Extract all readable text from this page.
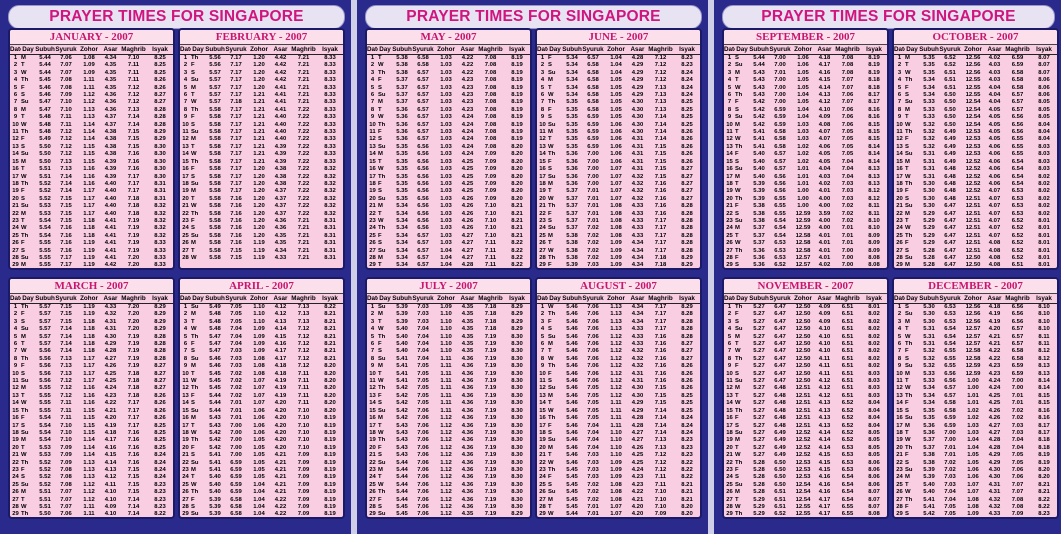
PRAYER TIMES FOR SINGAPORE	PRAYER TIMES FOR SINGAPORE	PRAYER TIMES FOR SINGAPORE
JANUARY - 2007
Dat	Day	Subuh	Syuruk	Zohor	Asar	Maghrib	Isyak
1	M	5.44	7.06	1.08	4.34	7.10	8.25
2	T	5.44	7.07	1.09	4.35	7.11	8.25
3	W	5.44	7.07	1.09	4.35	7.11	8.25
4	Th	5.45	7.08	1.11	4.35	7.11	8.26
5	F	5.46	7.08	1.11	4.35	7.12	8.26
6	S	5.46	7.09	1.12	4.36	7.12	8.27
7	Su	5.47	7.10	1.12	4.36	7.12	8.27
8	M	5.47	7.10	1.13	4.36	7.13	8.28
9	T	5.48	7.11	1.13	4.37	7.14	8.28
10	W	5.48	7.11	1.14	4.37	7.14	8.28
11	Th	5.48	7.12	1.14	4.38	7.15	8.29
12	F	5.49	7.12	1.14	4.38	7.15	8.29
13	S	5.50	7.12	1.15	4.38	7.15	8.30
14	Su	5.50	7.12	1.15	4.38	7.16	8.30
15	M	5.50	7.13	1.15	4.39	7.16	8.30
16	T	5.51	7.13	1.16	4.39	7.16	8.30
17	W	5.51	7.14	1.16	4.39	7.17	8.30
18	Th	5.52	7.14	1.16	4.40	7.17	8.31
19	F	5.52	7.14	1.17	4.40	7.17	8.31
20	S	5.52	7.15	1.17	4.40	7.18	8.31
21	Su	5.53	7.15	1.17	4.40	7.18	8.32
22	M	5.53	7.15	1.17	4.40	7.18	8.32
23	T	5.54	7.15	1.18	4.41	7.19	8.32
24	W	5.54	7.16	1.18	4.41	7.19	8.32
25	Th	5.54	7.16	1.18	4.41	7.19	8.32
26	F	5.55	7.16	1.19	4.41	7.19	8.33
27	S	5.55	7.16	1.19	4.41	7.19	8.33
28	Su	5.55	7.17	1.19	4.41	7.20	8.33
29	M	5.55	7.17	1.19	4.42	7.20	8.33

FEBRUARY - 2007
Dat	Day	Subuh	Syuruk	Zohor	Asar	Maghrib	Isyak
1	Th	5.56	7.17	1.20	4.42	7.21	8.33
2	F	5.56	7.17	1.20	4.42	7.21	8.33
3	S	5.57	7.17	1.20	4.42	7.21	8.33
4	Su	5.57	7.17	1.20	4.42	7.21	8.33
5	M	5.57	7.17	1.20	4.41	7.21	8.33
6	T	5.57	7.17	1.21	4.41	7.21	8.33
7	W	5.57	7.18	1.21	4.41	7.21	8.33
8	Th	5.58	7.17	1.21	4.41	7.22	8.33
9	F	5.58	7.17	1.21	4.40	7.22	8.33
10	S	5.58	7.17	1.21	4.40	7.22	8.33
11	Su	5.58	7.17	1.21	4.40	7.22	8.33
12	M	5.58	7.17	1.21	4.40	7.22	8.33
13	T	5.58	7.17	1.21	4.39	7.22	8.33
14	W	5.58	7.17	1.21	4.39	7.22	8.33
15	Th	5.58	7.17	1.21	4.39	7.22	8.33
16	F	5.58	7.17	1.20	4.38	7.22	8.32
17	S	5.58	7.17	1.20	4.38	7.22	8.32
18	Su	5.58	7.17	1.20	4.38	7.22	8.32
19	M	5.58	7.17	1.20	4.37	7.22	8.32
20	T	5.58	7.16	1.20	4.37	7.22	8.32
21	W	5.58	7.16	1.20	4.37	7.22	8.32
22	Th	5.58	7.16	1.20	4.37	7.22	8.32
23	F	5.58	7.16	1.20	4.36	7.21	8.31
24	S	5.58	7.16	1.20	4.36	7.21	8.31
25	Su	5.58	7.16	1.20	4.35	7.21	8.31
26	M	5.58	7.16	1.19	4.35	7.21	8.31
27	T	5.58	7.15	1.19	4.34	7.21	8.31
28	W	5.58	7.15	1.19	4.33	7.21	8.31
MARCH - 2007
Dat	Day	Subuh	Syuruk	Zohor	Asar	Maghrib	Isyak
1	Th	5.57	7.15	1.19	4.33	7.20	8.29
2	F	5.57	7.15	1.19	4.32	7.20	8.29
3	S	5.57	7.15	1.18	4.31	7.20	8.29
4	Su	5.57	7.14	1.18	4.31	7.20	8.29
5	M	5.57	7.14	1.18	4.30	7.19	8.28
6	T	5.57	7.14	1.18	4.29	7.19	8.28
7	W	5.56	7.14	1.18	4.28	7.19	8.28
8	Th	5.56	7.13	1.17	4.27	7.19	8.28
9	F	5.56	7.13	1.17	4.26	7.19	8.27
10	S	5.56	7.13	1.17	4.25	7.18	8.27
11	Su	5.56	7.12	1.17	4.25	7.18	8.27
12	M	5.55	7.12	1.16	4.24	7.18	8.27
13	T	5.55	7.12	1.16	4.23	7.18	8.26
14	W	5.55	7.11	1.16	4.22	7.17	8.26
15	Th	5.55	7.11	1.15	4.21	7.17	8.26
16	F	5.54	7.11	1.15	4.20	7.17	8.26
17	S	5.54	7.10	1.15	4.19	7.17	8.25
18	Su	5.54	7.10	1.15	4.18	7.16	8.25
19	M	5.54	7.10	1.14	4.17	7.16	8.25
20	T	5.53	7.09	1.14	4.16	7.16	8.25
21	W	5.53	7.09	1.14	4.15	7.16	8.24
22	Th	5.52	7.09	1.13	4.14	7.16	8.24
23	F	5.52	7.08	1.13	4.13	7.15	8.24
24	S	5.52	7.08	1.13	4.12	7.15	8.24
25	Su	5.52	7.08	1.12	4.11	7.15	8.23
26	M	5.51	7.07	1.12	4.10	7.15	8.23
27	T	5.51	7.07	1.12	4.10	7.14	8.23
28	W	5.51	7.07	1.11	4.09	7.14	8.23
29	Th	5.50	7.06	1.11	4.10	7.14	8.22

APRIL - 2007
Dat	Day	Subuh	Syuruk	Zohor	Asar	Maghrib	Isyak
1	Su	5.49	7.05	1.10	4.12	7.13	8.22
2	M	5.48	7.05	1.10	4.12	7.13	8.21
3	T	5.48	7.05	1.10	4.13	7.13	8.21
4	W	5.48	7.04	1.09	4.14	7.12	8.21
5	Th	5.47	7.04	1.09	4.15	7.12	8.21
6	F	5.47	7.04	1.09	4.16	7.12	8.21
7	S	5.47	7.03	1.09	4.17	7.12	8.21
8	Su	5.46	7.03	1.08	4.17	7.12	8.21
9	M	5.46	7.03	1.08	4.18	7.12	8.20
10	T	5.45	7.02	1.08	4.18	7.11	8.20
11	W	5.45	7.02	1.07	4.19	7.11	8.20
12	Th	5.45	7.02	1.07	4.19	7.11	8.20
13	F	5.44	7.02	1.07	4.19	7.11	8.20
14	S	5.44	7.01	1.07	4.20	7.11	8.20
15	Su	5.44	7.01	1.06	4.20	7.10	8.20
16	M	5.43	7.01	1.06	4.20	7.10	8.19
17	T	5.43	7.00	1.06	4.20	7.10	8.19
18	W	5.42	7.00	1.06	4.20	7.10	8.19
19	Th	5.42	7.00	1.05	4.20	7.10	8.19
20	F	5.42	7.00	1.05	4.20	7.10	8.19
21	S	5.41	7.00	1.05	4.21	7.09	8.19
22	Su	5.41	6.59	1.05	4.21	7.09	8.19
23	M	5.41	6.59	1.05	4.21	7.09	8.19
24	T	5.40	6.59	1.05	4.21	7.09	8.19
25	W	5.40	6.59	1.04	4.21	7.09	8.19
26	Th	5.40	6.59	1.04	4.21	7.09	8.19
27	F	5.39	6.58	1.04	4.22	7.09	8.19
28	S	5.39	6.58	1.04	4.22	7.09	8.19
29	Su	5.39	6.58	1.04	4.22	7.09	8.19

MAY - 2007
Dat	Day	Subuh	Syuruk	Zohor	Asar	Maghrib	Isyak
1	T	5.38	6.58	1.03	4.22	7.08	8.19
2	W	5.38	6.58	1.03	4.22	7.08	8.19
3	Th	5.38	6.57	1.03	4.22	7.08	8.19
4	F	5.37	6.57	1.03	4.23	7.08	8.19
5	S	5.37	6.57	1.03	4.23	7.08	8.19
6	Su	5.37	6.57	1.03	4.23	7.08	8.19
7	M	5.37	6.57	1.03	4.23	7.08	8.19
8	T	5.36	6.57	1.03	4.23	7.08	8.19
9	W	5.36	6.57	1.03	4.24	7.08	8.19
10	Th	5.36	6.57	1.03	4.24	7.08	8.19
11	F	5.36	6.57	1.03	4.24	7.08	8.19
12	S	5.36	6.57	1.03	4.24	7.08	8.19
13	Su	5.35	6.56	1.03	4.24	7.08	8.20
14	M	5.35	6.56	1.03	4.24	7.09	8.20
15	T	5.35	6.56	1.03	4.25	7.09	8.20
16	W	5.35	6.56	1.03	4.25	7.09	8.20
17	Th	5.35	6.56	1.03	4.25	7.09	8.20
18	F	5.35	6.56	1.03	4.25	7.09	8.20
19	S	5.35	6.56	1.03	4.25	7.09	8.20
20	Su	5.35	6.56	1.03	4.26	7.09	8.20
21	M	5.34	6.56	1.03	4.26	7.10	8.21
22	T	5.34	6.56	1.03	4.26	7.10	8.21
23	W	5.34	6.56	1.03	4.26	7.10	8.21
24	Th	5.34	6.56	1.03	4.26	7.10	8.21
25	F	5.34	6.57	1.03	4.27	7.10	8.21
26	S	5.34	6.57	1.03	4.27	7.11	8.22
27	Su	5.34	6.57	1.04	4.27	7.11	8.22
28	M	5.34	6.57	1.04	4.27	7.11	8.22
29	T	5.34	6.57	1.04	4.28	7.11	8.22

JUNE - 2007
Dat	Day	Subuh	Syuruk	Zohor	Asar	Maghrib	Isyak
1	F	5.34	6.57	1.04	4.28	7.12	8.23
2	S	5.34	6.58	1.04	4.29	7.12	8.23
3	Su	5.34	6.58	1.04	4.29	7.12	8.24
4	M	5.34	6.58	1.05	4.29	7.12	8.24
5	T	5.34	6.58	1.05	4.29	7.13	8.24
6	W	5.34	6.58	1.05	4.29	7.13	8.24
7	Th	5.35	6.58	1.05	4.30	7.13	8.25
8	F	5.35	6.58	1.05	4.30	7.13	8.25
9	S	5.35	6.59	1.05	4.30	7.14	8.25
10	Su	5.35	6.59	1.06	4.30	7.14	8.25
11	M	5.35	6.59	1.06	4.30	7.14	8.26
12	T	5.35	6.59	1.06	4.31	7.14	8.26
13	W	5.35	6.59	1.06	4.31	7.15	8.26
14	Th	5.36	7.00	1.06	4.31	7.15	8.26
15	F	5.36	7.00	1.06	4.31	7.15	8.26
16	S	5.36	7.00	1.07	4.31	7.15	8.27
17	Su	5.36	7.00	1.07	4.32	7.15	8.27
18	M	5.36	7.00	1.07	4.32	7.16	8.27
19	T	5.37	7.01	1.07	4.32	7.16	8.27
20	W	5.37	7.01	1.07	4.32	7.16	8.27
21	Th	5.37	7.01	1.08	4.33	7.16	8.28
22	F	5.37	7.01	1.08	4.33	7.16	8.28
23	S	5.37	7.01	1.08	4.33	7.17	8.28
24	Su	5.37	7.02	1.08	4.33	7.17	8.28
25	M	5.38	7.02	1.08	4.33	7.17	8.28
26	T	5.38	7.02	1.09	4.34	7.17	8.28
27	W	5.38	7.02	1.09	4.34	7.17	8.28
28	Th	5.38	7.02	1.09	4.34	7.18	8.29
29	F	5.39	7.03	1.09	4.34	7.18	8.29

JULY - 2007
Dat	Day	Subuh	Syuruk	Zohor	Asar	Maghrib	Isyak
1	Su	5.39	7.03	1.09	4.35	7.18	8.29
2	M	5.39	7.03	1.10	4.35	7.18	8.29
3	T	5.39	7.03	1.10	4.35	7.18	8.29
4	W	5.40	7.04	1.10	4.35	7.18	8.29
5	Th	5.40	7.04	1.10	4.35	7.19	8.30
6	F	5.40	7.04	1.10	4.35	7.19	8.30
7	S	5.40	7.04	1.10	4.35	7.19	8.30
8	Su	5.41	7.04	1.11	4.36	7.19	8.30
9	M	5.41	7.05	1.11	4.36	7.19	8.30
10	T	5.41	7.05	1.11	4.36	7.19	8.30
11	W	5.41	7.05	1.11	4.36	7.19	8.30
12	Th	5.42	7.05	1.11	4.36	7.19	8.30
13	F	5.42	7.05	1.11	4.36	7.19	8.30
14	S	5.42	7.05	1.11	4.36	7.19	8.30
15	Su	5.42	7.06	1.11	4.36	7.19	8.30
16	M	5.42	7.06	1.12	4.36	7.19	8.30
17	T	5.43	7.06	1.12	4.36	7.19	8.30
18	W	5.43	7.06	1.12	4.36	7.19	8.30
19	Th	5.43	7.06	1.12	4.36	7.19	8.30
20	F	5.43	7.06	1.12	4.36	7.19	8.30
21	S	5.43	7.06	1.12	4.36	7.19	8.30
22	Su	5.44	7.06	1.12	4.36	7.19	8.30
23	M	5.44	7.06	1.12	4.36	7.19	8.30
24	T	5.44	7.06	1.12	4.36	7.19	8.30
25	W	5.44	7.06	1.12	4.36	7.19	8.30
26	Th	5.44	7.06	1.12	4.36	7.19	8.30
27	F	5.44	7.06	1.12	4.36	7.19	8.30
28	S	5.45	7.06	1.12	4.36	7.19	8.30
29	Su	5.45	7.06	1.12	4.35	7.19	8.29

AUGUST - 2007
Dat	Day	Subuh	Syuruk	Zohor	Asar	Maghrib	Isyak
1	W	5.46	7.06	1.13	4.34	7.17	8.29
2	Th	5.46	7.06	1.13	4.34	7.17	8.28
3	F	5.46	7.06	1.13	4.34	7.17	8.28
4	S	5.46	7.06	1.13	4.33	7.17	8.28
5	Su	5.46	7.06	1.12	4.33	7.16	8.28
6	M	5.46	7.06	1.12	4.33	7.16	8.27
7	T	5.46	7.06	1.12	4.32	7.16	8.27
8	W	5.46	7.06	1.12	4.32	7.16	8.27
9	Th	5.46	7.06	1.12	4.32	7.16	8.26
10	F	5.46	7.06	1.12	4.31	7.16	8.26
11	S	5.46	7.06	1.12	4.31	7.16	8.26
12	Su	5.46	7.05	1.12	4.30	7.15	8.26
13	M	5.46	7.05	1.12	4.30	7.15	8.25
14	T	5.46	7.05	1.11	4.29	7.15	8.25
15	W	5.46	7.05	1.11	4.29	7.14	8.25
16	Th	5.46	7.05	1.11	4.28	7.14	8.24
17	F	5.46	7.04	1.11	4.28	7.14	8.24
18	S	5.46	7.04	1.10	4.27	7.14	8.24
19	Su	5.46	7.04	1.10	4.27	7.13	8.23
20	M	5.46	7.04	1.10	4.26	7.13	8.23
21	T	5.46	7.03	1.10	4.25	7.12	8.23
22	W	5.46	7.03	1.09	4.25	7.12	8.22
23	Th	5.45	7.03	1.09	4.24	7.12	8.22
24	F	5.45	7.03	1.09	4.23	7.11	8.22
25	S	5.45	7.02	1.08	4.23	7.11	8.21
26	Su	5.45	7.02	1.08	4.22	7.10	8.21
27	M	5.45	7.02	1.08	4.21	7.10	8.21
28	T	5.45	7.01	1.07	4.20	7.10	8.20
29	W	5.44	7.01	1.07	4.20	7.09	8.20

SEPTEMBER - 2007
Dat	Day	Subuh	Syuruk	Zohor	Asar	Maghrib	Isyak
1	S	5.44	7.00	1.06	4.18	7.08	8.19
2	Su	5.44	7.00	1.06	4.17	7.08	8.19
3	M	5.43	7.01	1.05	4.16	7.08	8.19
4	T	5.43	7.00	1.05	4.15	7.07	8.18
5	W	5.43	7.00	1.05	4.14	7.07	8.18
6	Th	5.43	7.00	1.04	4.13	7.06	8.17
7	F	5.42	7.00	1.05	4.12	7.07	8.17
8	S	5.42	6.59	1.04	4.10	7.06	8.16
9	Su	5.42	6.59	1.04	4.09	7.06	8.16
10	M	5.42	6.59	1.03	4.08	7.06	8.15
11	T	5.41	6.58	1.03	4.07	7.05	8.15
12	W	5.41	6.58	1.03	4.07	7.05	8.15
13	Th	5.41	6.58	1.02	4.06	7.05	8.14
14	F	5.40	6.57	1.02	4.05	7.05	8.14
15	S	5.40	6.57	1.02	4.05	7.04	8.14
16	Su	5.40	6.57	1.01	4.04	7.04	8.13
17	M	5.40	6.56	1.01	4.03	7.04	8.13
18	T	5.39	6.56	1.01	4.02	7.03	8.13
19	W	5.39	6.56	1.00	4.01	7.03	8.12
20	Th	5.39	6.55	1.00	4.00	7.03	8.12
21	F	5.38	6.55	1.00	4.00	7.02	8.11
22	S	5.38	6.55	12.59	3.59	7.02	8.11
23	Su	5.38	6.54	12.59	4.00	7.02	8.10
24	M	5.37	6.54	12.59	4.00	7.01	8.10
25	T	5.37	6.54	12.58	4.01	7.01	8.09
26	W	5.37	6.53	12.58	4.01	7.01	8.09
27	Th	5.36	6.53	12.58	4.01	7.00	8.09
28	F	5.36	6.53	12.57	4.01	7.00	8.08
29	S	5.36	6.52	12.57	4.02	7.00	8.08

OCTOBER - 2007
Dat	Day	Subuh	Syuruk	Zohor	Asar	Maghrib	Isyak
1	M	5.35	6.52	12.56	4.02	6.59	8.07
2	T	5.35	6.52	12.56	4.03	6.59	8.07
3	W	5.35	6.51	12.56	4.03	6.58	8.07
4	Th	5.34	6.51	12.55	4.03	6.58	8.06
5	F	5.34	6.51	12.55	4.04	6.58	8.06
6	S	5.34	6.50	12.55	4.04	6.57	8.06
7	Su	5.33	6.50	12.54	4.04	6.57	8.05
8	M	5.33	6.50	12.54	4.05	6.57	8.05
9	T	5.33	6.50	12.54	4.05	6.56	8.05
10	W	5.32	6.50	12.54	4.05	6.56	8.04
11	Th	5.32	6.49	12.53	4.05	6.56	8.04
12	F	5.32	6.49	12.53	4.05	6.55	8.04
13	S	5.32	6.49	12.53	4.06	6.55	8.03
14	Su	5.31	6.49	12.53	4.06	6.55	8.03
15	M	5.31	6.49	12.52	4.06	6.54	8.03
16	T	5.31	6.48	12.52	4.06	6.54	8.03
17	W	5.31	6.48	12.52	4.06	6.54	8.02
18	Th	5.30	6.48	12.52	4.06	6.54	8.02
19	F	5.30	6.48	12.52	4.07	6.53	8.02
20	S	5.30	6.48	12.51	4.07	6.53	8.02
21	Su	5.30	6.47	12.51	4.07	6.53	8.02
22	M	5.29	6.47	12.51	4.07	6.53	8.02
23	T	5.29	6.47	12.51	4.07	6.52	8.01
24	W	5.29	6.47	12.51	4.07	6.52	8.01
25	Th	5.29	6.47	12.51	4.07	6.52	8.01
26	F	5.29	6.47	12.51	4.08	6.52	8.01
27	S	5.28	6.47	12.51	4.08	6.52	8.01
28	Su	5.28	6.47	12.50	4.08	6.52	8.01
29	M	5.28	6.47	12.50	4.08	6.51	8.01

NOVEMBER - 2007
Dat	Day	Subuh	Syuruk	Zohor	Asar	Maghrib	Isyak
1	Th	5.27	6.47	12.50	4.09	6.51	8.01
2	F	5.27	6.47	12.50	4.09	6.51	8.02
3	S	5.27	6.47	12.50	4.09	6.51	8.02
4	Su	5.27	6.47	12.50	4.10	6.51	8.02
5	M	5.27	6.47	12.50	4.10	6.51	8.02
6	T	5.27	6.47	12.50	4.10	6.51	8.02
7	W	5.27	6.47	12.50	4.10	6.51	8.02
8	Th	5.27	6.47	12.50	4.11	6.51	8.02
9	F	5.27	6.47	12.50	4.11	6.51	8.02
10	S	5.27	6.47	12.50	4.11	6.51	8.03
11	Su	5.27	6.47	12.50	4.12	6.51	8.03
12	M	5.27	6.48	12.51	4.12	6.51	8.03
13	T	5.27	6.48	12.51	4.12	6.51	8.03
14	W	5.27	6.48	12.51	4.13	6.52	8.04
15	Th	5.27	6.48	12.51	4.13	6.52	8.04
16	F	5.27	6.48	12.51	4.13	6.52	8.04
17	S	5.27	6.48	12.51	4.13	6.52	8.04
18	Su	5.27	6.49	12.52	4.14	6.52	8.05
19	M	5.27	6.49	12.52	4.14	6.52	8.05
20	T	5.27	6.49	12.52	4.14	6.53	8.05
21	W	5.27	6.49	12.52	4.15	6.53	8.05
22	Th	5.28	6.50	12.53	4.15	6.53	8.06
23	F	5.28	6.50	12.53	4.15	6.53	8.06
24	S	5.28	6.50	12.53	4.16	6.54	8.06
25	Su	5.28	6.50	12.54	4.16	6.54	8.06
26	M	5.28	6.51	12.54	4.16	6.54	8.07
27	T	5.29	6.51	12.54	4.17	6.54	8.07
28	W	5.29	6.51	12.55	4.17	6.55	8.07
29	Th	5.29	6.52	12.55	4.17	6.55	8.08

DECEMBER - 2007
Dat	Day	Subuh	Syuruk	Zohor	Asar	Maghrib	Isyak
1	S	5.30	6.53	12.56	4.18	6.56	8.10
2	Su	5.30	6.53	12.56	4.19	6.56	8.10
3	M	5.30	6.53	12.56	4.19	6.56	8.10
4	T	5.31	6.54	12.57	4.20	6.57	8.10
5	W	5.31	6.54	12.57	4.21	6.57	8.11
6	Th	5.31	6.54	12.57	4.21	6.57	8.11
7	F	5.32	6.55	12.58	4.22	6.58	8.12
8	S	5.32	6.55	12.58	4.22	6.58	8.12
9	Su	5.32	6.55	12.59	4.23	6.59	8.13
10	M	5.33	6.56	12.59	4.23	6.59	8.13
11	T	5.33	6.56	1.00	4.24	7.00	8.14
12	W	5.34	6.57	1.00	4.24	7.00	8.14
13	Th	5.34	6.57	1.01	4.25	7.01	8.15
14	F	5.34	6.58	1.01	4.25	7.01	8.15
15	S	5.35	6.58	1.02	4.26	7.02	8.16
16	Su	5.35	6.59	1.02	4.26	7.02	8.16
17	M	5.36	6.59	1.03	4.27	7.03	8.17
18	T	5.36	7.00	1.03	4.27	7.03	8.17
19	W	5.37	7.00	1.04	4.28	7.04	8.18
20	Th	5.37	7.01	1.04	4.28	7.04	8.18
21	F	5.38	7.01	1.05	4.29	7.05	8.19
22	S	5.38	7.02	1.05	4.29	7.05	8.19
23	Su	5.39	7.02	1.06	4.30	7.06	8.20
24	M	5.39	7.03	1.06	4.30	7.06	8.20
25	T	5.40	7.03	1.07	4.31	7.07	8.21
26	W	5.40	7.04	1.07	4.31	7.07	8.21
27	Th	5.41	7.04	1.08	4.32	7.08	8.22
28	F	5.41	7.05	1.08	4.32	7.08	8.22
29	S	5.42	7.05	1.09	4.33	7.09	8.23
